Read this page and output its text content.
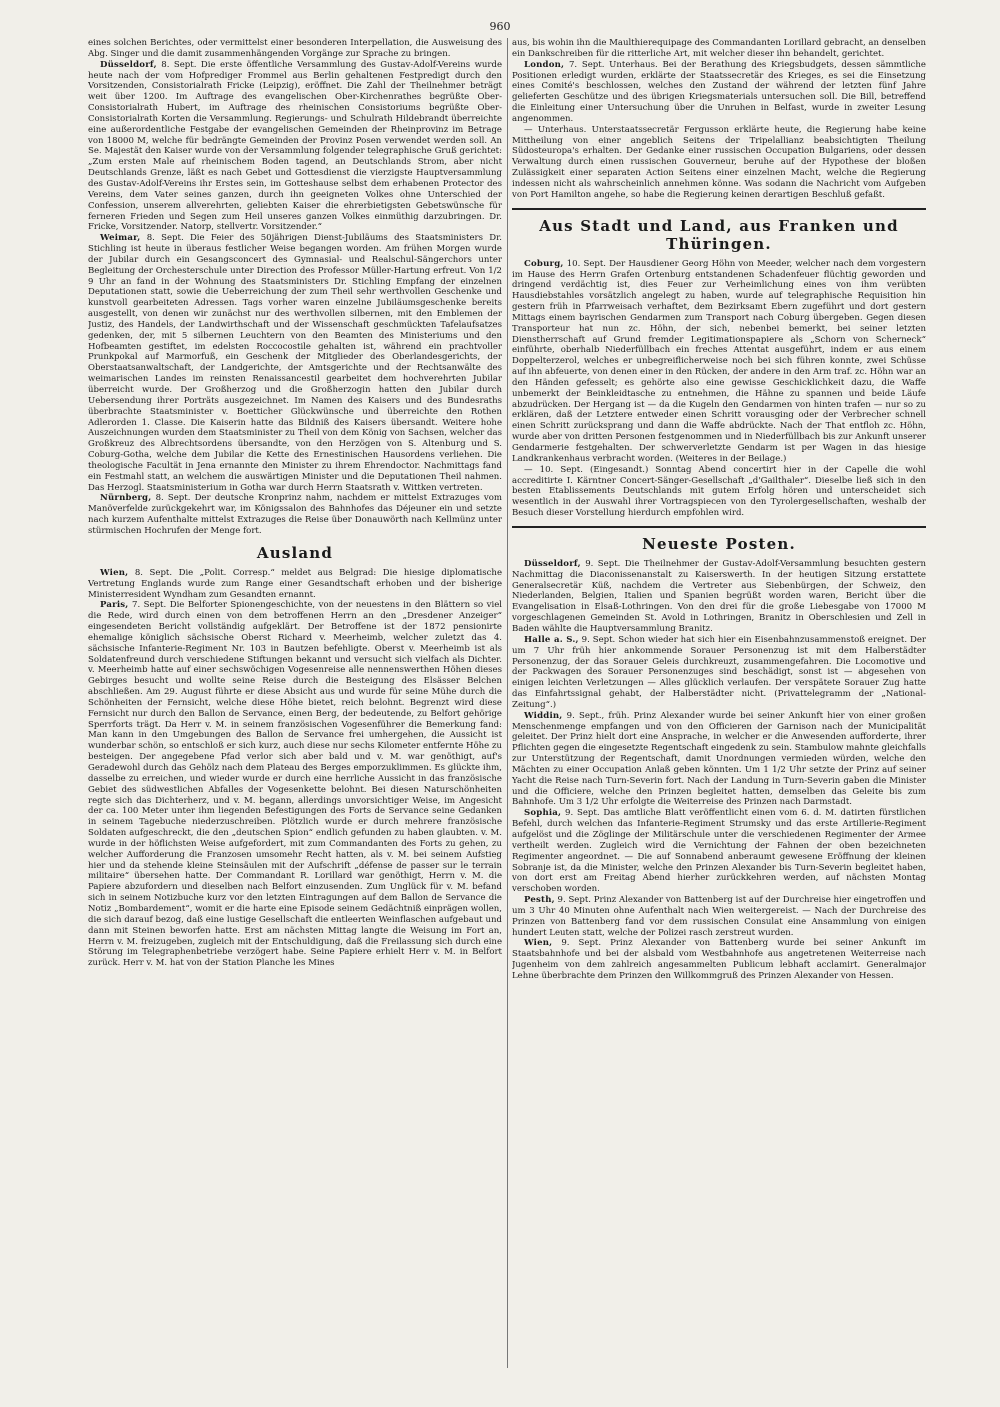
960

eines solchen Berichtes, oder vermittelst einer besonderen Interpellation, die Ausweisung des Abg. Singer und die damit zusammenhängenden Vorgänge zur Sprache zu bringen.

Düsseldorf, 8. Sept. Die erste öffentliche Versammlung des Gustav-Adolf-Vereins wurde heute nach der vom Hofprediger Frommel aus Berlin gehaltenen Festpredigt durch den Vorsitzenden, Consistorialrath Fricke (Leipzig), eröffnet. Die Zahl der Theilnehmer beträgt weit über 1200. Im Auftrage des evangelischen Ober-Kirchenrathes begrüßte Ober-Consistorialrath Hubert, im Auftrage des rheinischen Consistoriums begrüßte Ober-Consistorialrath Korten die Versammlung. Regierungs- und Schulrath Hildebrandt überreichte eine außerordentliche Festgabe der evangelischen Gemeinden der Rheinprovinz im Betrage von 18000 M, welche für bedrängte Gemeinden der Provinz Posen verwendet werden soll. An Se. Majestät den Kaiser wurde von der Versammlung folgender telegraphische Gruß gerichtet: „Zum ersten Male auf rheinischem Boden tagend, an Deutschlands Strom, aber nicht Deutschlands Grenze, läßt es nach Gebet und Gottesdienst die vierzigste Hauptversammlung des Gustav-Adolf-Vereins ihr Erstes sein, im Gotteshause selbst dem erhabenen Protector des Vereins, dem Vater seines ganzen, durch ihn geeigneten Volkes ohne Unterschied der Confession, unserem allverehrten, geliebten Kaiser die ehrerbietigsten Gebetswünsche für ferneren Frieden und Segen zum Heil unseres ganzen Volkes einmüthig darzubringen. Dr. Fricke, Vorsitzender. Natorp, stellvertr. Vorsitzender.“

Weimar, 8. Sept. Die Feier des 50jährigen Dienst-Jubiläums des Staatsministers Dr. Stichling ist heute in überaus festlicher Weise begangen worden. Am frühen Morgen wurde der Jubilar durch ein Gesangsconcert des Gymnasial- und Realschul-Sängerchors unter Begleitung der Orchesterschule unter Direction des Professor Müller-Hartung erfreut. Von 1/2 9 Uhr an fand in der Wohnung des Staatsministers Dr. Stichling Empfang der einzelnen Deputationen statt, sowie die Ueberreichung der zum Theil sehr werthvollen Geschenke und kunstvoll gearbeiteten Adressen. Tags vorher waren einzelne Jubiläumsgeschenke bereits ausgestellt, von denen wir zunächst nur des werthvollen silbernen, mit den Emblemen der Justiz, des Handels, der Landwirthschaft und der Wissenschaft geschmückten Tafelaufsatzes gedenken, der, mit 5 silbernen Leuchtern von den Beamten des Ministeriums und den Hofbeamten gestiftet, im edelsten Roccocostile gehalten ist, während ein prachtvoller Prunkpokal auf Marmorfuß, ein Geschenk der Mitglieder des Oberlandesgerichts, der Oberstaatsanwaltschaft, der Landgerichte, der Amtsgerichte und der Rechtsanwälte des weimarischen Landes im reinsten Renaissancestil gearbeitet dem hochverehrten Jubilar überreicht wurde. Der Großherzog und die Großherzogin hatten den Jubilar durch Uebersendung ihrer Porträts ausgezeichnet. Im Namen des Kaisers und des Bundesraths überbrachte Staatsminister v. Boetticher Glückwünsche und überreichte den Rothen Adlerorden 1. Classe. Die Kaiserin hatte das Bildniß des Kaisers übersandt. Weitere hohe Auszeichnungen wurden dem Staatsminister zu Theil von dem König von Sachsen, welcher das Großkreuz des Albrechtsordens übersandte, von den Herzögen von S. Altenburg und S. Coburg-Gotha, welche dem Jubilar die Kette des Ernestinischen Hausordens verliehen. Die theologische Facultät in Jena ernannte den Minister zu ihrem Ehrendoctor. Nachmittags fand ein Festmahl statt, an welchem die auswärtigen Minister und die Deputationen Theil nahmen. Das Herzogl. Staatsministerium in Gotha war durch Herrn Staatsrath v. Wittken vertreten.

Nürnberg, 8. Sept. Der deutsche Kronprinz nahm, nachdem er mittelst Extrazuges vom Manöverfelde zurückgekehrt war, im Königssalon des Bahnhofes das Déjeuner ein und setzte nach kurzem Aufenthalte mittelst Extrazuges die Reise über Donauwörth nach Kellmünz unter stürmischen Hochrufen der Menge fort.

Ausland

Wien, 8. Sept. Die „Polit. Corresp.“ meldet aus Belgrad: Die hiesige diplomatische Vertretung Englands wurde zum Range einer Gesandtschaft erhoben und der bisherige Ministerresident Wyndham zum Gesandten ernannt.

Paris, 7. Sept. Die Belforter Spionengeschichte, von der neuestens in den Blättern so viel die Rede, wird durch einen von dem betroffenen Herrn an den „Dresdener Anzeiger“ eingesendeten Bericht vollständig aufgeklärt. Der Betroffene ist der 1872 pensionirte ehemalige königlich sächsische Oberst Richard v. Meerheimb, welcher zuletzt das 4. sächsische Infanterie-Regiment Nr. 103 in Bautzen befehligte. Oberst v. Meerheimb ist als Soldatenfreund durch verschiedene Stiftungen bekannt und versucht sich vielfach als Dichter. v. Meerheimb hatte auf einer sechswöchigen Vogesenreise alle nennenswerthen Höhen dieses Gebirges besucht und wollte seine Reise durch die Besteigung des Elsässer Belchen abschließen. Am 29. August führte er diese Absicht aus und wurde für seine Mühe durch die Schönheiten der Fernsicht, welche diese Höhe bietet, reich belohnt. Begrenzt wird diese Fernsicht nur durch den Ballon de Servance, einen Berg, der bedeutende, zu Belfort gehörige Sperrforts trägt. Da Herr v. M. in seinem französischen Vogesenführer die Bemerkung fand: Man kann in den Umgebungen des Ballon de Servance frei umhergehen, die Aussicht ist wunderbar schön, so entschloß er sich kurz, auch diese nur sechs Kilometer entfernte Höhe zu besteigen. Der angegebene Pfad verlor sich aber bald und v. M. war genöthigt, auf's Geradewohl durch das Gehölz nach dem Plateau des Berges emporzuklimmen. Es glückte ihm, dasselbe zu erreichen, und wieder wurde er durch eine herrliche Aussicht in das französische Gebiet des südwestlichen Abfalles der Vogesenkette belohnt. Bei diesen Naturschönheiten regte sich das Dichterherz, und v. M. begann, allerdings unvorsichtiger Weise, im Angesicht der ca. 100 Meter unter ihm liegenden Befestigungen des Forts de Servance seine Gedanken in seinem Tagebuche niederzuschreiben. Plötzlich wurde er durch mehrere französische Soldaten aufgeschreckt, die den „deutschen Spion“ endlich gefunden zu haben glaubten. v. M. wurde in der höflichsten Weise aufgefordert, mit zum Commandanten des Forts zu gehen, zu welcher Aufforderung die Franzosen umsomehr Recht hatten, als v. M. bei seinem Aufstieg hier und da stehende kleine Steinsäulen mit der Aufschrift „défense de passer sur le terrain militaire“ übersehen hatte. Der Commandant R. Lorillard war genöthigt, Herrn v. M. die Papiere abzufordern und dieselben nach Belfort einzusenden. Zum Unglück für v. M. befand sich in seinem Notizbuche kurz vor den letzten Eintragungen auf dem Ballon de Servance die Notiz „Bombardement“, womit er die harte eine Episode seinem Gedächtniß einprägen wollen, die sich darauf bezog, daß eine lustige Gesellschaft die entleerten Weinflaschen aufgebaut und dann mit Steinen beworfen hatte. Erst am nächsten Mittag langte die Weisung im Fort an, Herrn v. M. freizugeben, zugleich mit der Entschuldigung, daß die Freilassung sich durch eine Störung im Telegraphenbetriebe verzögert habe. Seine Papiere erhielt Herr v. M. in Belfort zurück. Herr v. M. hat von der Station Planche les Mines

aus, bis wohin ihn die Maulthierequipage des Commandanten Lorillard gebracht, an denselben ein Dankschreiben für die ritterliche Art, mit welcher dieser ihn behandelt, gerichtet.

London, 7. Sept. Unterhaus. Bei der Berathung des Kriegsbudgets, dessen sämmtliche Positionen erledigt wurden, erklärte der Staatssecretär des Krieges, es sei die Einsetzung eines Comité's beschlossen, welches den Zustand der während der letzten fünf Jahre gelieferten Geschütze und des übrigen Kriegsmaterials untersuchen soll. Die Bill, betreffend die Einleitung einer Untersuchung über die Unruhen in Belfast, wurde in zweiter Lesung angenommen.

— Unterhaus. Unterstaatssecretär Fergusson erklärte heute, die Regierung habe keine Mittheilung von einer angeblich Seitens der Tripelallianz beabsichtigten Theilung Südosteuropa's erhalten. Der Gedanke einer russischen Occupation Bulgariens, oder dessen Verwaltung durch einen russischen Gouverneur, beruhe auf der Hypothese der bloßen Zulässigkeit einer separaten Action Seitens einer einzelnen Macht, welche die Regierung indessen nicht als wahrscheinlich annehmen könne. Was sodann die Nachricht vom Aufgeben von Port Hamilton angehe, so habe die Regierung keinen derartigen Beschluß gefaßt.

Aus Stadt und Land, aus Franken und Thüringen.

Coburg, 10. Sept. Der Hausdiener Georg Höhn von Meeder, welcher nach dem vorgestern im Hause des Herrn Grafen Ortenburg entstandenen Schadenfeuer flüchtig geworden und dringend verdächtig ist, dies Feuer zur Verheimlichung eines von ihm verübten Hausdiebstahles vorsätzlich angelegt zu haben, wurde auf telegraphische Requisition hin gestern früh in Pfarrweisach verhaftet, dem Bezirksamt Ebern zugeführt und dort gestern Mittags einem bayrischen Gendarmen zum Transport nach Coburg übergeben. Gegen diesen Transporteur hat nun zc. Höhn, der sich, nebenbei bemerkt, bei seiner letzten Dienstherrschaft auf Grund fremder Legitimationspapiere als „Schorn von Scherneck“ einführte, oberhalb Niederfüllbach ein freches Attentat ausgeführt, indem er aus einem Doppelterzerol, welches er unbegreiflicherweise noch bei sich führen konnte, zwei Schüsse auf ihn abfeuerte, von denen einer in den Rücken, der andere in den Arm traf. zc. Höhn war an den Händen gefesselt; es gehörte also eine gewisse Geschicklichkeit dazu, die Waffe unbemerkt der Beinkleidtasche zu entnehmen, die Hähne zu spannen und beide Läufe abzudrücken. Der Hergang ist — da die Kugeln den Gendarmen von hinten trafen — nur so zu erklären, daß der Letztere entweder einen Schritt vorausging oder der Verbrecher schnell einen Schritt zurücksprang und dann die Waffe abdrückte. Nach der That entfloh zc. Höhn, wurde aber von dritten Personen festgenommen und in Niederfüllbach bis zur Ankunft unserer Gendarmerie festgehalten. Der schwerverletzte Gendarm ist per Wagen in das hiesige Landkrankenhaus verbracht worden. (Weiteres in der Beilage.)

— 10. Sept. (Eingesandt.) Sonntag Abend concertirt hier in der Capelle die wohl accreditirte I. Kärntner Concert-Sänger-Gesellschaft „d'Gailthaler“. Dieselbe ließ sich in den besten Etablissements Deutschlands mit gutem Erfolg hören und unterscheidet sich wesentlich in der Auswahl ihrer Vortragspiecen von den Tyrolergesellschaften, weshalb der Besuch dieser Vorstellung hierdurch empfohlen wird.

Neueste Posten.

Düsseldorf, 9. Sept. Die Theilnehmer der Gustav-Adolf-Versammlung besuchten gestern Nachmittag die Diaconissenanstalt zu Kaiserswerth. In der heutigen Sitzung erstattete Generalsecretär Küß, nachdem die Vertreter aus Siebenbürgen, der Schweiz, den Niederlanden, Belgien, Italien und Spanien begrüßt worden waren, Bericht über die Evangelisation in Elsaß-Lothringen. Von den drei für die große Liebesgabe von 17000 M vorgeschlagenen Gemeinden St. Avold in Lothringen, Branitz in Oberschlesien und Zell in Baden wählte die Hauptversammlung Branitz.

Halle a. S., 9. Sept. Schon wieder hat sich hier ein Eisenbahnzusammenstoß ereignet. Der um 7 Uhr früh hier ankommende Sorauer Personenzug ist mit dem Halberstädter Personenzug, der das Sorauer Geleis durchkreuzt, zusammengefahren. Die Locomotive und der Packwagen des Sorauer Personenzuges sind beschädigt, sonst ist — abgesehen von einigen leichten Verletzungen — Alles glücklich verlaufen. Der verspätete Sorauer Zug hatte das Einfahrtssignal gehabt, der Halberstädter nicht. (Privattelegramm der „National-Zeitung“.)

Widdin, 9. Sept., früh. Prinz Alexander wurde bei seiner Ankunft hier von einer großen Menschenmenge empfangen und von den Officieren der Garnison nach der Municipalität geleitet. Der Prinz hielt dort eine Ansprache, in welcher er die Anwesenden aufforderte, ihrer Pflichten gegen die eingesetzte Regentschaft eingedenk zu sein. Stambulow mahnte gleichfalls zur Unterstützung der Regentschaft, damit Unordnungen vermieden würden, welche den Mächten zu einer Occupation Anlaß geben könnten. Um 1 1/2 Uhr setzte der Prinz auf seiner Yacht die Reise nach Turn-Severin fort. Nach der Landung in Turn-Severin gaben die Minister und die Officiere, welche den Prinzen begleitet hatten, demselben das Geleite bis zum Bahnhofe. Um 3 1/2 Uhr erfolgte die Weiterreise des Prinzen nach Darmstadt.

Sophia, 9. Sept. Das amtliche Blatt veröffentlicht einen vom 6. d. M. datirten fürstlichen Befehl, durch welchen das Infanterie-Regiment Strumsky und das erste Artillerie-Regiment aufgelöst und die Zöglinge der Militärschule unter die verschiedenen Regimenter der Armee vertheilt werden. Zugleich wird die Vernichtung der Fahnen der oben bezeichneten Regimenter angeordnet. — Die auf Sonnabend anberaumt gewesene Eröffnung der kleinen Sobranje ist, da die Minister, welche den Prinzen Alexander bis Turn-Severin begleitet haben, von dort erst am Freitag Abend hierher zurückkehren werden, auf nächsten Montag verschoben worden.

Pesth, 9. Sept. Prinz Alexander von Battenberg ist auf der Durchreise hier eingetroffen und um 3 Uhr 40 Minuten ohne Aufenthalt nach Wien weitergereist. — Nach der Durchreise des Prinzen von Battenberg fand vor dem russischen Consulat eine Ansammlung von einigen hundert Leuten statt, welche der Polizei rasch zerstreut wurden.

Wien, 9. Sept. Prinz Alexander von Battenberg wurde bei seiner Ankunft im Staatsbahnhofe und bei der alsbald vom Westbahnhofe aus angetretenen Weiterreise nach Jugenheim von dem zahlreich angesammelten Publicum lebhaft acclamirt. Generalmajor Lehne überbrachte dem Prinzen den Willkommgruß des Prinzen Alexander von Hessen.
